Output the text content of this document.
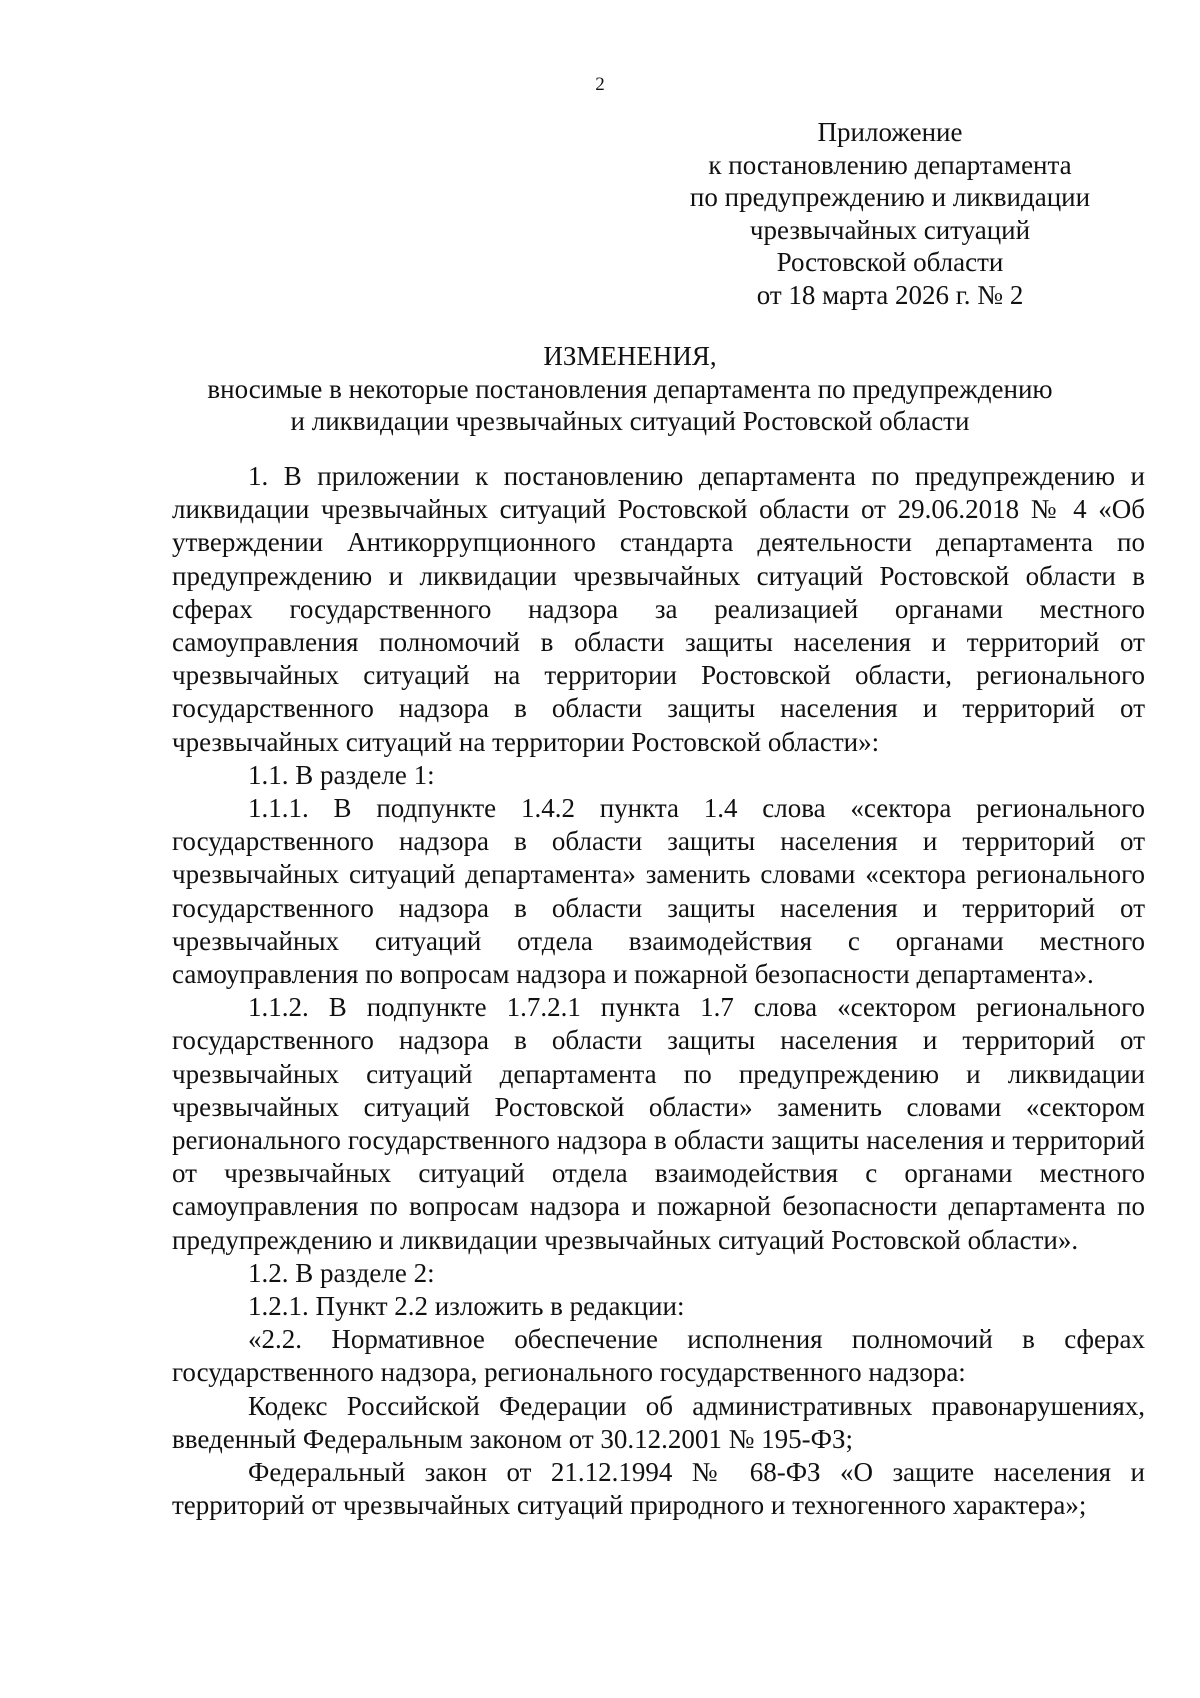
2
Приложение
к постановлению департамента
по предупреждению и ликвидации
чрезвычайных ситуаций
Ростовской области
от 18 марта 2026 г. № 2
ИЗМЕНЕНИЯ,
вносимые в некоторые постановления департамента по предупреждению
и ликвидации чрезвычайных ситуаций Ростовской области

1. В приложении к постановлению департамента по предупреждению и ликвидации чрезвычайных ситуаций Ростовской области от 29.06.2018 № 4 «Об утверждении Антикоррупционного стандарта деятельности департамента по предупреждению и ликвидации чрезвычайных ситуаций Ростовской области в сферах государственного надзора за реализацией органами местного самоуправления полномочий в области защиты населения и территорий от чрезвычайных ситуаций на территории Ростовской области, регионального государственного надзора в области защиты населения и территорий от чрезвычайных ситуаций на территории Ростовской области»:

1.1. В разделе 1:

1.1.1. В подпункте 1.4.2 пункта 1.4 слова «сектора регионального государственного надзора в области защиты населения и территорий от чрезвычайных ситуаций департамента» заменить словами «сектора регионального государственного надзора в области защиты населения и территорий от чрезвычайных ситуаций отдела взаимодействия с органами местного самоуправления по вопросам надзора и пожарной безопасности департамента».

1.1.2. В подпункте 1.7.2.1 пункта 1.7 слова «сектором регионального государственного надзора в области защиты населения и территорий от чрезвычайных ситуаций департамента по предупреждению и ликвидации чрезвычайных ситуаций Ростовской области» заменить словами «сектором регионального государственного надзора в области защиты населения и территорий от чрезвычайных ситуаций отдела взаимодействия с органами местного самоуправления по вопросам надзора и пожарной безопасности департамента по предупреждению и ликвидации чрезвычайных ситуаций Ростовской области».

1.2. В разделе 2:

1.2.1. Пункт 2.2 изложить в редакции:

«2.2. Нормативное обеспечение исполнения полномочий в сферах государственного надзора, регионального государственного надзора:

Кодекс Российской Федерации об административных правонарушениях, введенный Федеральным законом от 30.12.2001 № 195-ФЗ;

Федеральный закон от 21.12.1994 № 68-ФЗ «О защите населения и территорий от чрезвычайных ситуаций природного и техногенного характера»;
